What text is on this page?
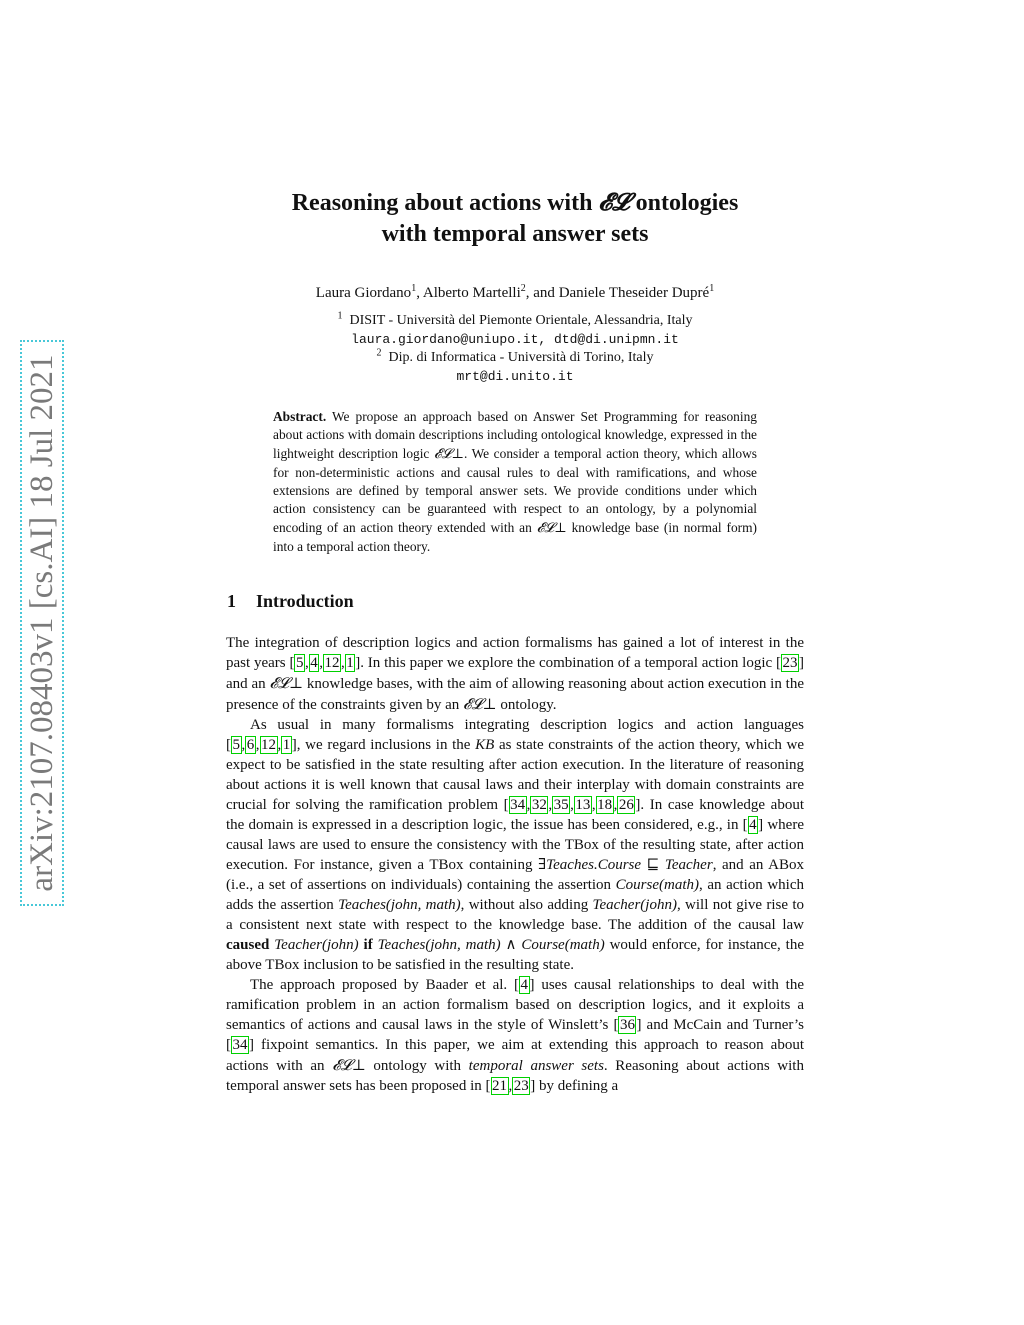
arXiv:2107.08403v1 [cs.AI] 18 Jul 2021
Reasoning about actions with 𝓔𝓛 ontologies
with temporal answer sets
Laura Giordano$^1$, Alberto Martelli$^2$, and Daniele Theseider Dupré$^1$
$^1$ DISIT - Università del Piemonte Orientale, Alessandria, Italy
laura.giordano@uniupo.it, dtd@di.unipmn.it
$^2$ Dip. di Informatica - Università di Torino, Italy
mrt@di.unito.it
Abstract. We propose an approach based on Answer Set Programming for reasoning about actions with domain descriptions including ontological knowledge, expressed in the lightweight description logic 𝓔𝓛⊥. We consider a temporal action theory, which allows for non-deterministic actions and causal rules to deal with ramifications, and whose extensions are defined by temporal answer sets. We provide conditions under which action consistency can be guaranteed with respect to an ontology, by a polynomial encoding of an action theory extended with an 𝓔𝓛⊥ knowledge base (in normal form) into a temporal action theory.
1 Introduction

The integration of description logics and action formalisms has gained a lot of interest in the past years [ 5 , 4 , 12 , 1 ]. In this paper we explore the combination of a temporal action logic [ 23 ] and an 𝓔𝓛⊥ knowledge bases, with the aim of allowing reasoning about action execution in the presence of the constraints given by an 𝓔𝓛⊥ ontology.

As usual in many formalisms integrating description logics and action languages [ 5 , 6 , 12 , 1 ], we regard inclusions in the KB as state constraints of the action theory, which we expect to be satisfied in the state resulting after action execution. In the literature of reasoning about actions it is well known that causal laws and their interplay with domain constraints are crucial for solving the ramification problem [ 34 , 32 , 35 , 13 , 18 , 26 ]. In case knowledge about the domain is expressed in a description logic, the issue has been considered, e.g., in [ 4 ] where causal laws are used to ensure the consistency with the TBox of the resulting state, after action execution. For instance, given a TBox containing ∃Teaches.Course ⊑ Teacher, and an ABox (i.e., a set of assertions on individuals) containing the assertion Course(math), an action which adds the assertion Teaches(john, math), without also adding Teacher(john), will not give rise to a consistent next state with respect to the knowledge base. The addition of the causal law caused Teacher(john) if Teaches(john, math) ∧ Course(math) would enforce, for instance, the above TBox inclusion to be satisfied in the resulting state.

The approach proposed by Baader et al. [ 4 ] uses causal relationships to deal with the ramification problem in an action formalism based on description logics, and it exploits a semantics of actions and causal laws in the style of Winslett’s [ 36 ] and McCain and Turner’s [ 34 ] fixpoint semantics. In this paper, we aim at extending this approach to reason about actions with an 𝓔𝓛⊥ ontology with temporal answer sets. Reasoning about actions with temporal answer sets has been proposed in [ 21 , 23 ] by defining a
